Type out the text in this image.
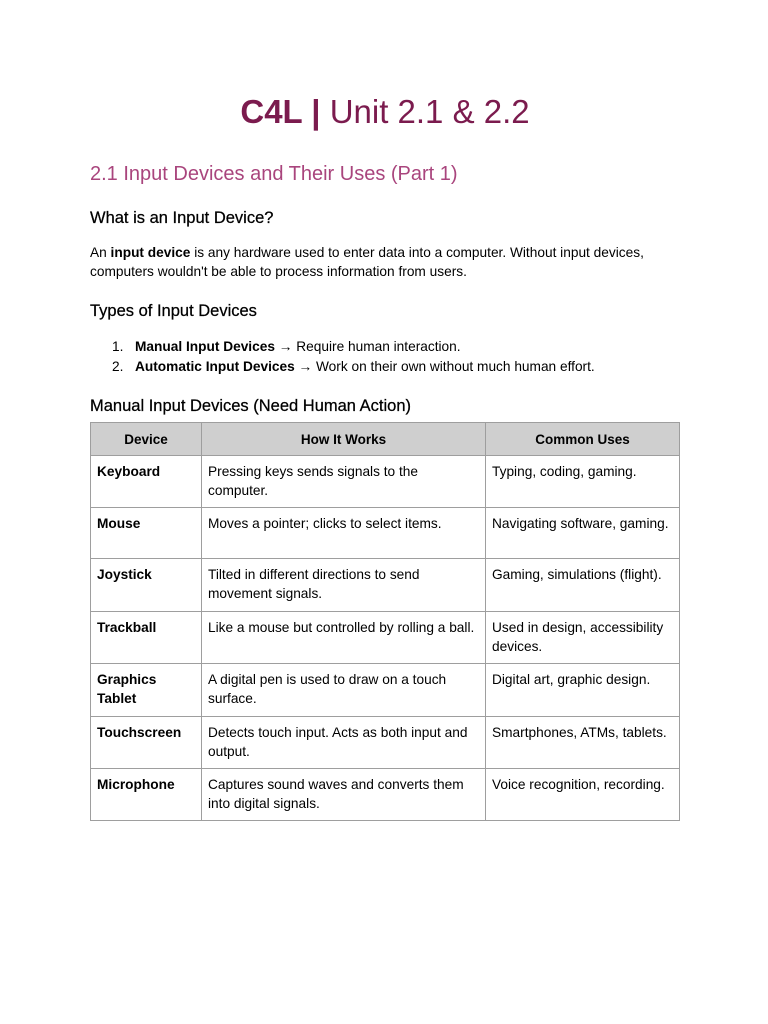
C4L | Unit 2.1 & 2.2
2.1 Input Devices and Their Uses (Part 1)
What is an Input Device?

An input device is any hardware used to enter data into a computer. Without input devices, computers wouldn't be able to process information from users.

Types of Input Devices
1. Manual Input Devices → Require human interaction.
2. Automatic Input Devices → Work on their own without much human effort.
Manual Input Devices (Need Human Action)
Device	How It Works	Common Uses
Keyboard	Pressing keys sends signals to the computer.	Typing, coding, gaming.
Mouse	Moves a pointer; clicks to select items.	Navigating software, gaming.
Joystick	Tilted in different directions to send movement signals.	Gaming, simulations (flight).
Trackball	Like a mouse but controlled by rolling a ball.	Used in design, accessibility devices.
Graphics Tablet	A digital pen is used to draw on a touch surface.	Digital art, graphic design.
Touchscreen	Detects touch input. Acts as both input and output.	Smartphones, ATMs, tablets.
Microphone	Captures sound waves and converts them into digital signals.	Voice recognition, recording.
